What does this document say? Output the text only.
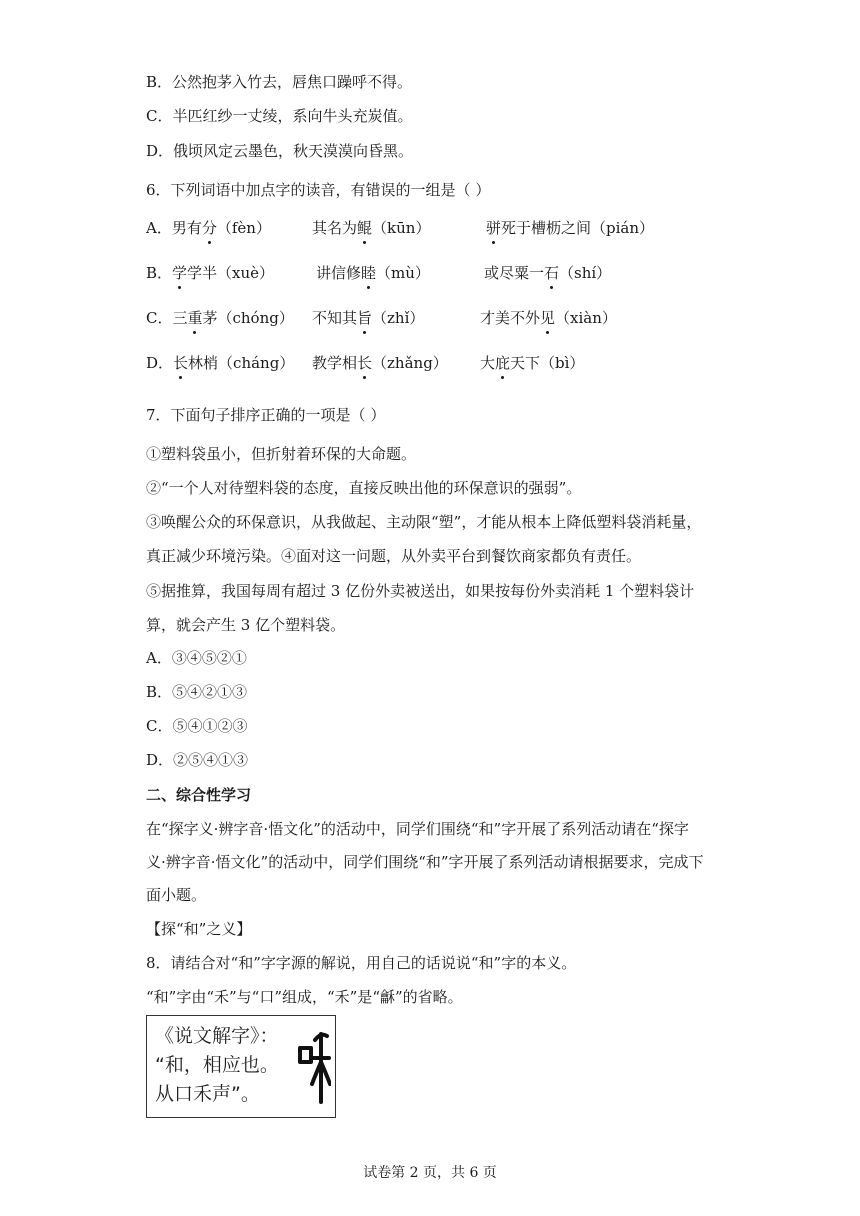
B．公然抱茅入竹去，唇焦口躁呼不得。
C．半匹红纱一丈绫，系向牛头充炭值。
D．俄顷风定云墨色，秋天漠漠向昏黑。
6．下列词语中加点字的读音，有错误的一组是（ ）
A．男有分（fèn）	其名为鲲（kūn）	骈死于槽枥之间（pián）
B．学学半（xuè）	讲信修睦（mù）	或尽粟一石（shí）
C．三重茅（chóng） 不知其旨（zhǐ）	才美不外见（xiàn）
D．长林梢（cháng） 教学相长（zhǎng） 大庇天下（bì）
7．下面句子排序正确的一项是（ ）
①塑料袋虽小，但折射着环保的大命题。
②“一个人对待塑料袋的态度，直接反映出他的环保意识的强弱”。
③唤醒公众的环保意识，从我做起、主动限“塑”，才能从根本上降低塑料袋消耗量，
真正减少环境污染。④面对这一问题，从外卖平台到餐饮商家都负有责任。
⑤据推算，我国每周有超过 3 亿份外卖被送出，如果按每份外卖消耗 1 个塑料袋计
算，就会产生 3 亿个塑料袋。
A．③④⑤②①
B．⑤④②①③
C．⑤④①②③
D．②⑤④①③
二、综合性学习
在“探字义·辨字音·悟文化”的活动中，同学们围绕“和”字开展了系列活动请在“探字
义·辨字音·悟文化”的活动中，同学们围绕“和”字开展了系列活动请根据要求，完成下
面小题。
【探“和”之义】
8．请结合对“和”字字源的解说，用自己的话说说“和”字的本义。
“和”字由“禾”与“口”组成，“禾”是“龢”的省略。
《说文解字》：
“和，相应也。
从口禾声”。
试卷第 2 页，共 6 页
